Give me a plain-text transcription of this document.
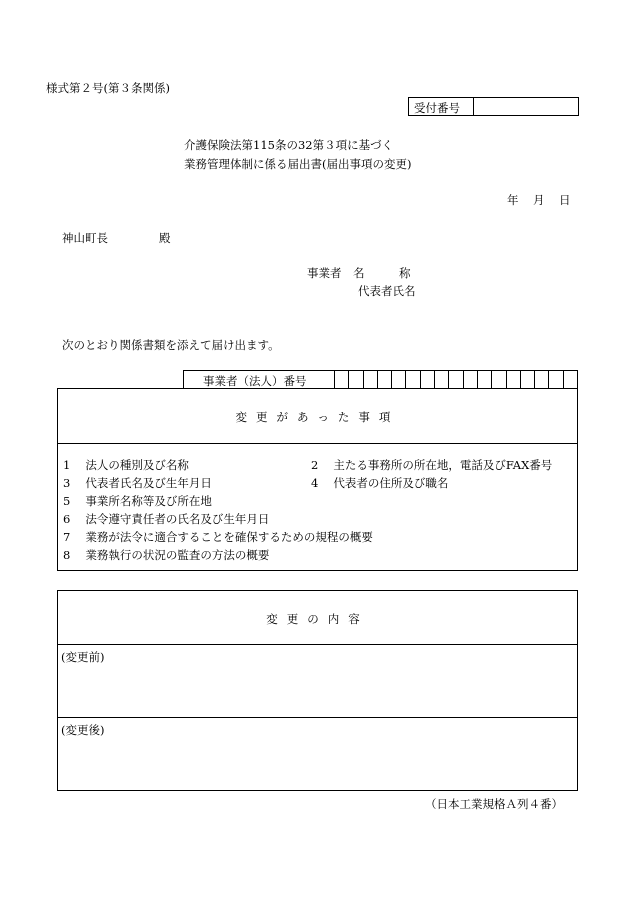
様式第２号(第３条関係)
受付番号
介護保険法第115条の32第３項に基づく
業務管理体制に係る届出書(届出事項の変更)
年 月 日
神山町長	殿
事業者　名　　　称
代表者氏名
次のとおり関係書類を添えて届け出ます。
事業者（法人）番号
変更があった事項
1 法人の種別及び名称	2 主たる事務所の所在地，電話及びFAX番号
3 代表者氏名及び生年月日	4 代表者の住所及び職名
5 事業所名称等及び所在地
6 法令遵守責任者の氏名及び生年月日
7 業務が法令に適合することを確保するための規程の概要
8 業務執行の状況の監査の方法の概要
変更の内容
(変更前)
(変更後)
（日本工業規格Ａ列４番）
